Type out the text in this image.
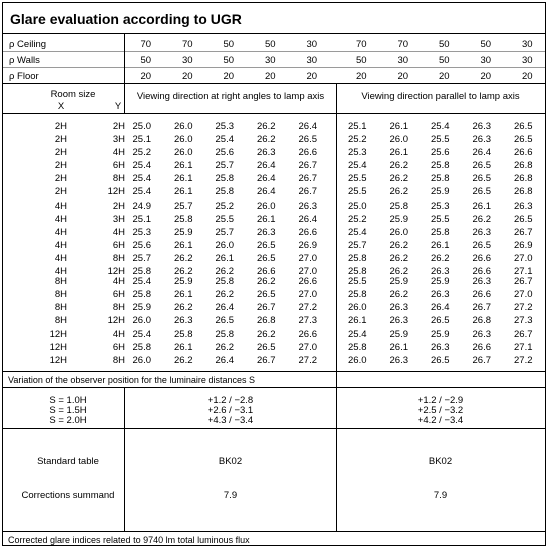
Glare evaluation according to UGR
ρ Ceiling	70	70	50	50	30	70	70	50	50	30
ρ Walls	50	30	50	30	30	50	30	50	30	30
ρ Floor	20	20	20	20	20	20	20	20	20	20
Room size
X	Y
Viewing direction at right angles to lamp axis	Viewing direction parallel to lamp axis
2H	2H 25.0	26.0	25.3	26.2	26.4	25.1	26.1	25.4	26.3	26.5
2H	3H 25.1	26.0	25.4	26.2	26.5	25.2	26.0	25.5	26.3	26.5
2H	4H 25.2	26.0	25.6	26.3	26.6	25.3	26.1	25.6	26.4	26.6
2H	6H 25.4	26.1	25.7	26.4	26.7	25.4	26.2	25.8	26.5	26.8
2H	8H 25.4	26.1	25.8	26.4	26.7	25.5	26.2	25.8	26.5	26.8
2H	12H 25.4	26.1	25.8	26.4	26.7	25.5	26.2	25.9	26.5	26.8
4H	2H 24.9	25.7	25.2	26.0	26.3	25.0	25.8	25.3	26.1	26.3
4H	3H 25.1	25.8	25.5	26.1	26.4	25.2	25.9	25.5	26.2	26.5
4H	4H 25.3	25.9	25.7	26.3	26.6	25.4	26.0	25.8	26.3	26.7
4H	6H 25.6	26.1	26.0	26.5	26.9	25.7	26.2	26.1	26.5	26.9
4H	8H 25.7	26.2	26.1	26.5	27.0	25.8	26.2	26.2	26.6	27.0
4H	12H 25.8	26.2	26.2	26.6	27.0	25.8	26.2	26.3	26.6	27.1
8H	4H 25.4	25.9	25.8	26.2	26.6	25.5	25.9	25.9	26.3	26.7
8H	6H 25.8	26.1	26.2	26.5	27.0	25.8	26.2	26.3	26.6	27.0
8H	8H 25.9	26.2	26.4	26.7	27.2	26.0	26.3	26.4	26.7	27.2
8H	12H 26.0	26.3	26.5	26.8	27.3	26.1	26.3	26.5	26.8	27.3
12H	4H 25.4	25.8	25.8	26.2	26.6	25.4	25.9	25.9	26.3	26.7
12H	6H 25.8	26.1	26.2	26.5	27.0	25.8	26.1	26.3	26.6	27.1
12H	8H 26.0	26.2	26.4	26.7	27.2	26.0	26.3	26.5	26.7	27.2
Variation of the observer position for the luminaire distances S
S = 1.0H	+1.2 / −2.8	+1.2 / −2.9
S = 1.5H	+2.6 / −3.1	+2.5 / −3.2
S = 2.0H	+4.3 / −3.4	+4.2 / −3.4
Standard table	BK02	BK02
Corrections summand	7.9	7.9
Corrected glare indices related to 9740 lm total luminous flux
